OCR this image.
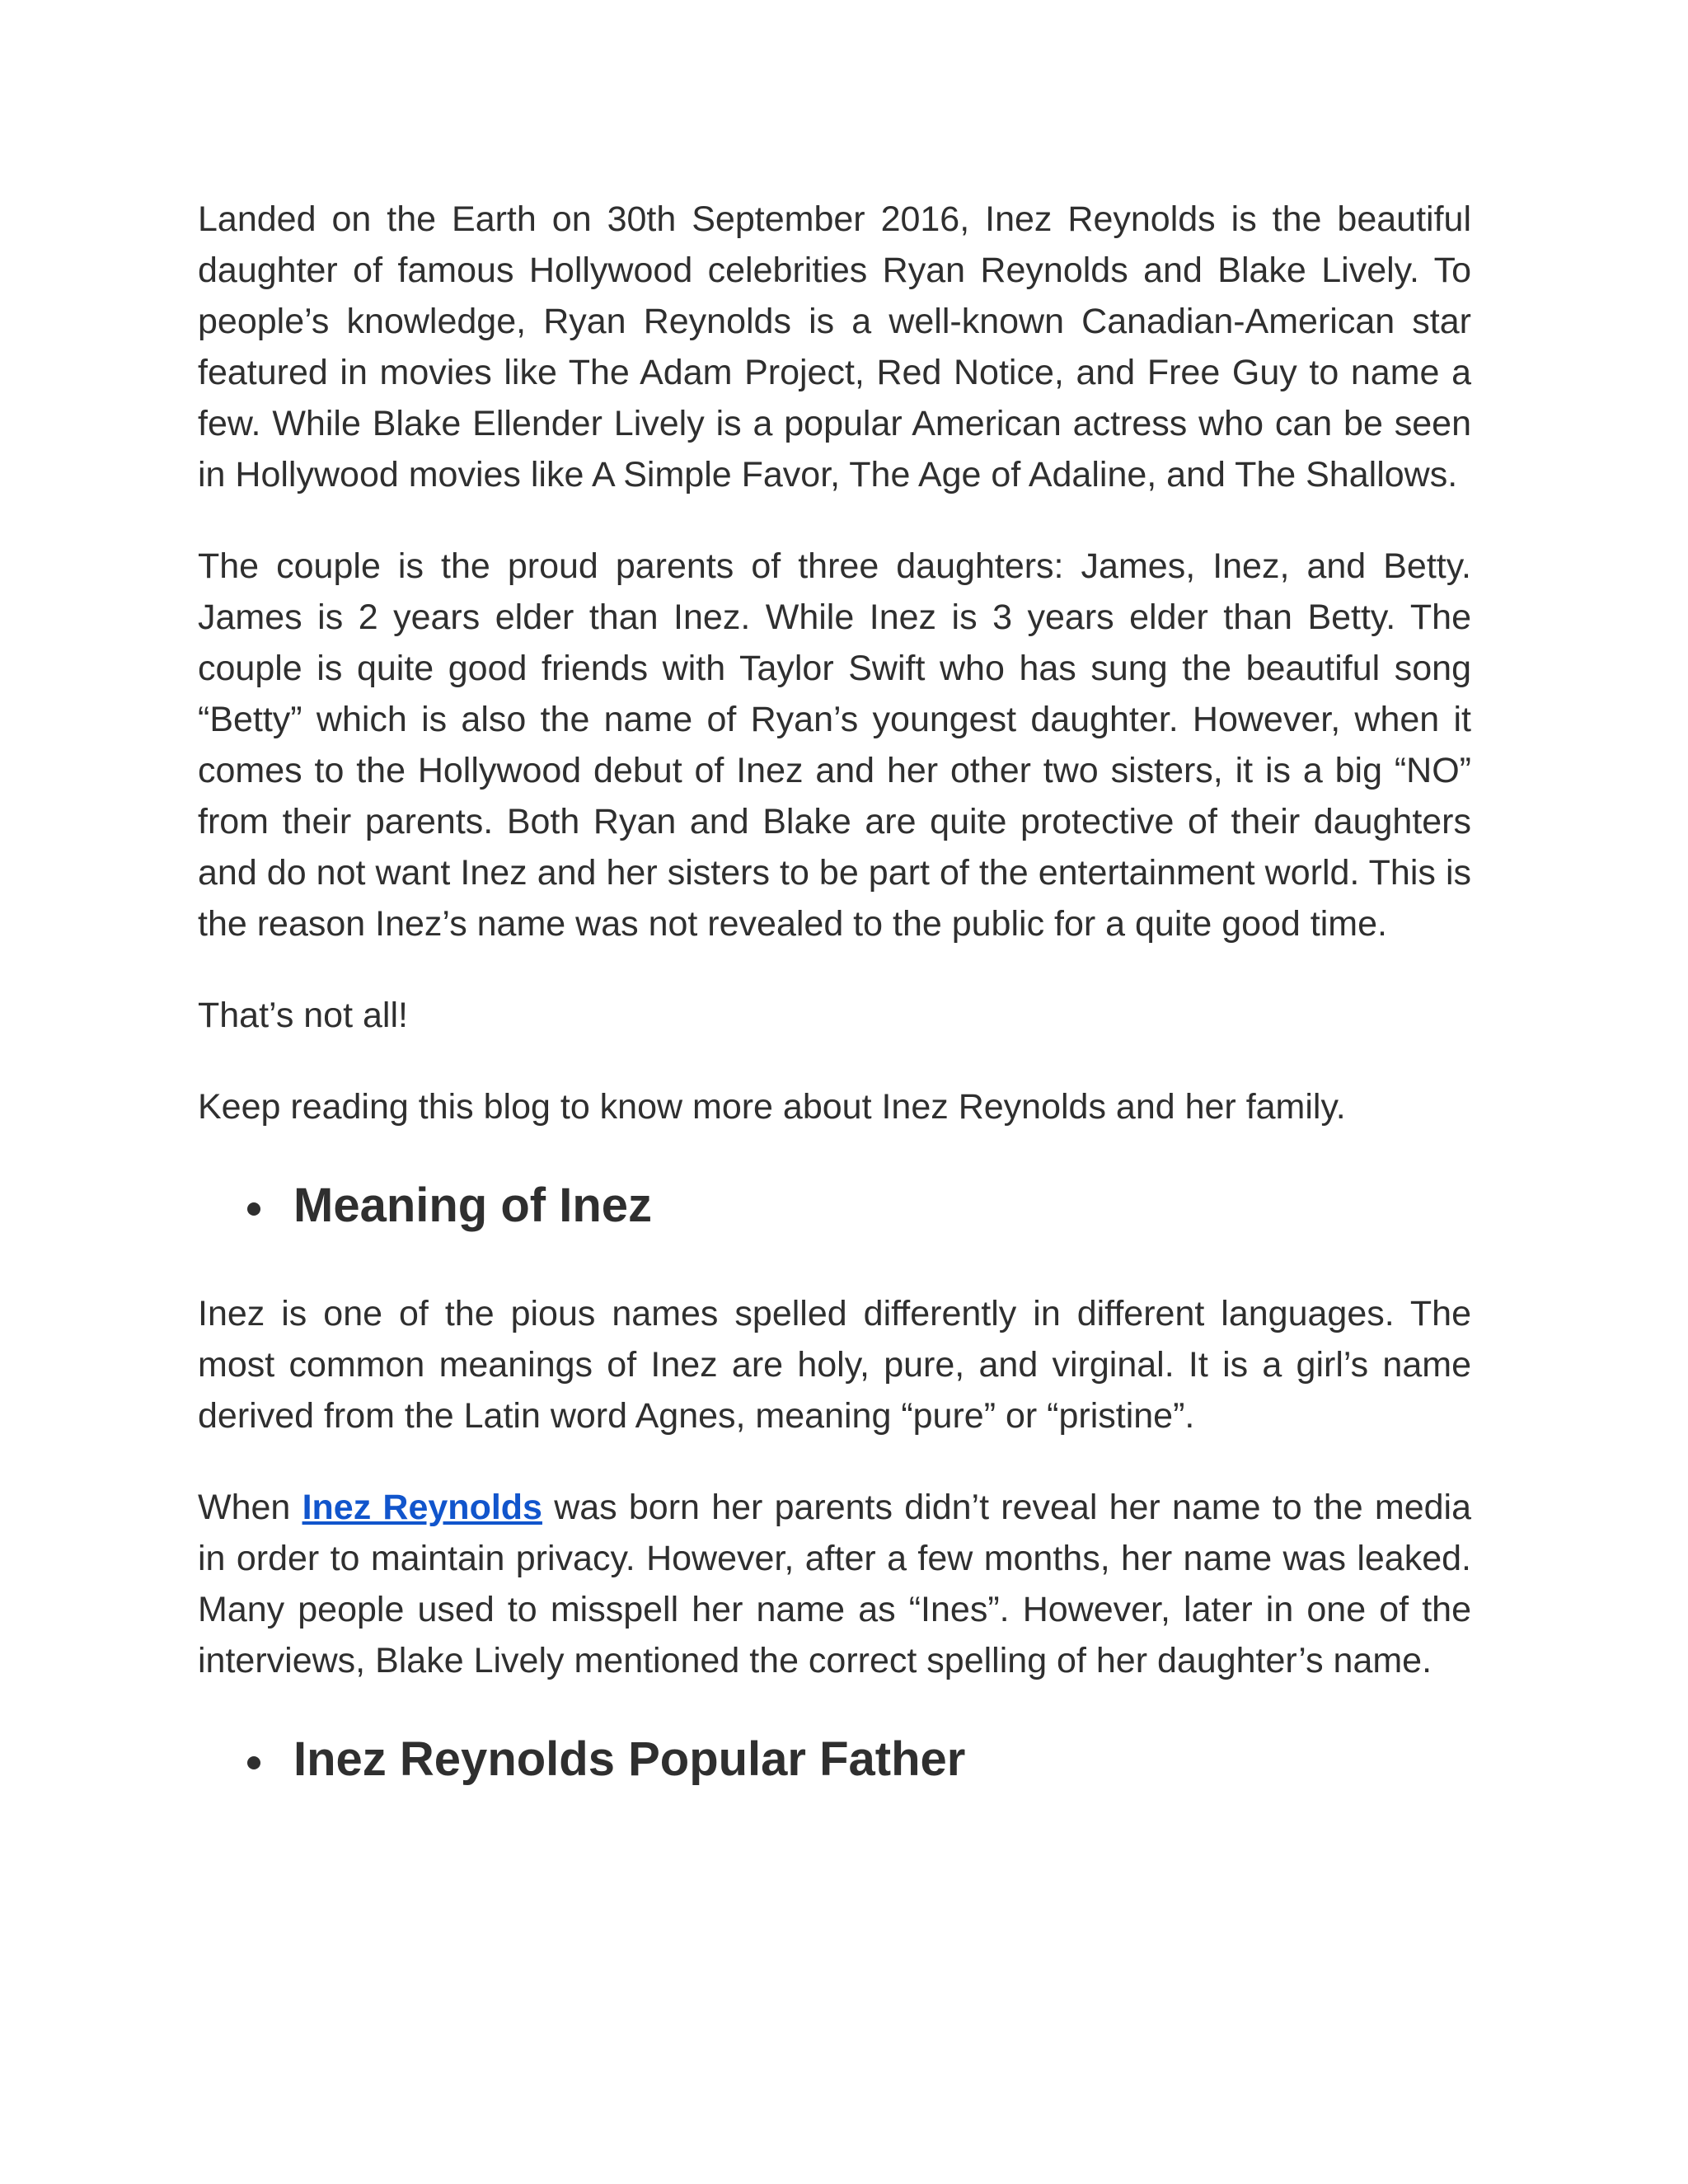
Landed on the Earth on 30th September 2016, Inez Reynolds is the beautiful daughter of famous Hollywood celebrities Ryan Reynolds and Blake Lively. To people’s knowledge, Ryan Reynolds is a well-known Canadian-American star featured in movies like The Adam Project, Red Notice, and Free Guy to name a few. While Blake Ellender Lively is a popular American actress who can be seen in Hollywood movies like A Simple Favor, The Age of Adaline, and The Shallows.

The couple is the proud parents of three daughters: James, Inez, and Betty. James is 2 years elder than Inez. While Inez is 3 years elder than Betty. The couple is quite good friends with Taylor Swift who has sung the beautiful song “Betty” which is also the name of Ryan’s youngest daughter. However, when it comes to the Hollywood debut of Inez and her other two sisters, it is a big “NO” from their parents. Both Ryan and Blake are quite protective of their daughters and do not want Inez and her sisters to be part of the entertainment world. This is the reason Inez’s name was not revealed to the public for a quite good time.

That’s not all!

Keep reading this blog to know more about Inez Reynolds and her family.

Meaning of Inez

Inez is one of the pious names spelled differently in different languages. The most common meanings of Inez are holy, pure, and virginal. It is a girl’s name derived from the Latin word Agnes, meaning “pure” or “pristine”.

When Inez Reynolds was born her parents didn’t reveal her name to the media in order to maintain privacy. However, after a few months, her name was leaked. Many people used to misspell her name as “Ines”. However, later in one of the interviews, Blake Lively mentioned the correct spelling of her daughter’s name.

Inez Reynolds Popular Father
